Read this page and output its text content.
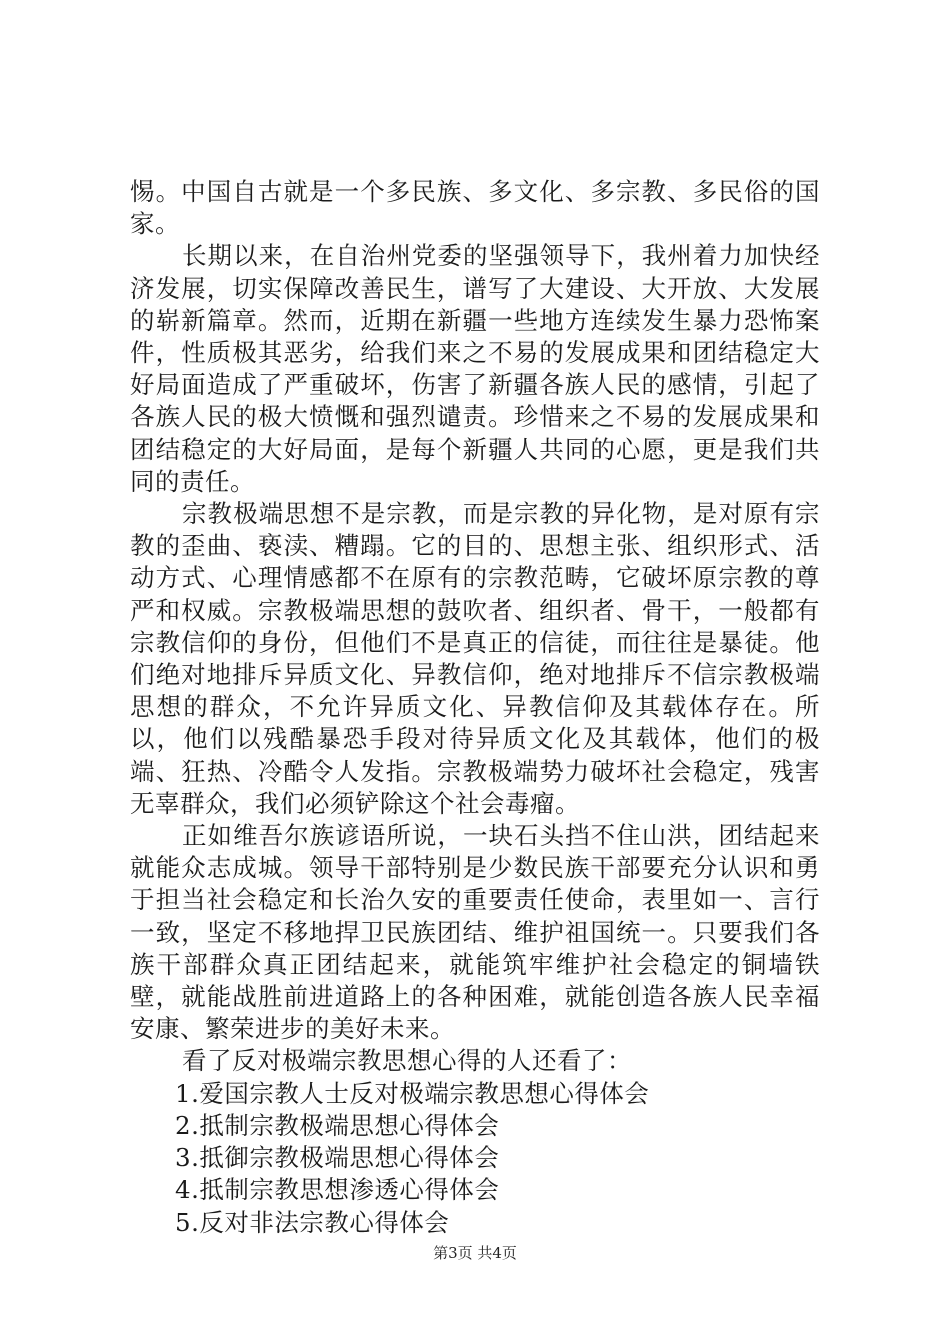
惕。中国自古就是一个多民族、多文化、多宗教、多民俗的国家。

长期以来，在自治州党委的坚强领导下，我州着力加快经济发展，切实保障改善民生，谱写了大建设、大开放、大发展的崭新篇章。然而，近期在新疆一些地方连续发生暴力恐怖案件，性质极其恶劣，给我们来之不易的发展成果和团结稳定大好局面造成了严重破坏，伤害了新疆各族人民的感情，引起了各族人民的极大愤慨和强烈谴责。珍惜来之不易的发展成果和团结稳定的大好局面，是每个新疆人共同的心愿，更是我们共同的责任。

宗教极端思想不是宗教，而是宗教的异化物，是对原有宗教的歪曲、亵渎、糟蹋。它的目的、思想主张、组织形式、活动方式、心理情感都不在原有的宗教范畴，它破坏原宗教的尊严和权威。宗教极端思想的鼓吹者、组织者、骨干，一般都有宗教信仰的身份，但他们不是真正的信徒，而往往是暴徒。他们绝对地排斥异质文化、异教信仰，绝对地排斥不信宗教极端思想的群众，不允许异质文化、异教信仰及其载体存在。所以，他们以残酷暴恐手段对待异质文化及其载体，他们的极端、狂热、冷酷令人发指。宗教极端势力破坏社会稳定，残害无辜群众，我们必须铲除这个社会毒瘤。

正如维吾尔族谚语所说，一块石头挡不住山洪，团结起来就能众志成城。领导干部特别是少数民族干部要充分认识和勇于担当社会稳定和长治久安的重要责任使命，表里如一、言行一致，坚定不移地捍卫民族团结、维护祖国统一。只要我们各族干部群众真正团结起来，就能筑牢维护社会稳定的铜墙铁壁，就能战胜前进道路上的各种困难，就能创造各族人民幸福安康、繁荣进步的美好未来。

看了反对极端宗教思想心得的人还看了：

1.爱国宗教人士反对极端宗教思想心得体会

2.抵制宗教极端思想心得体会

3.抵御宗教极端思想心得体会

4.抵制宗教思想渗透心得体会

5.反对非法宗教心得体会

第3页 共4页
